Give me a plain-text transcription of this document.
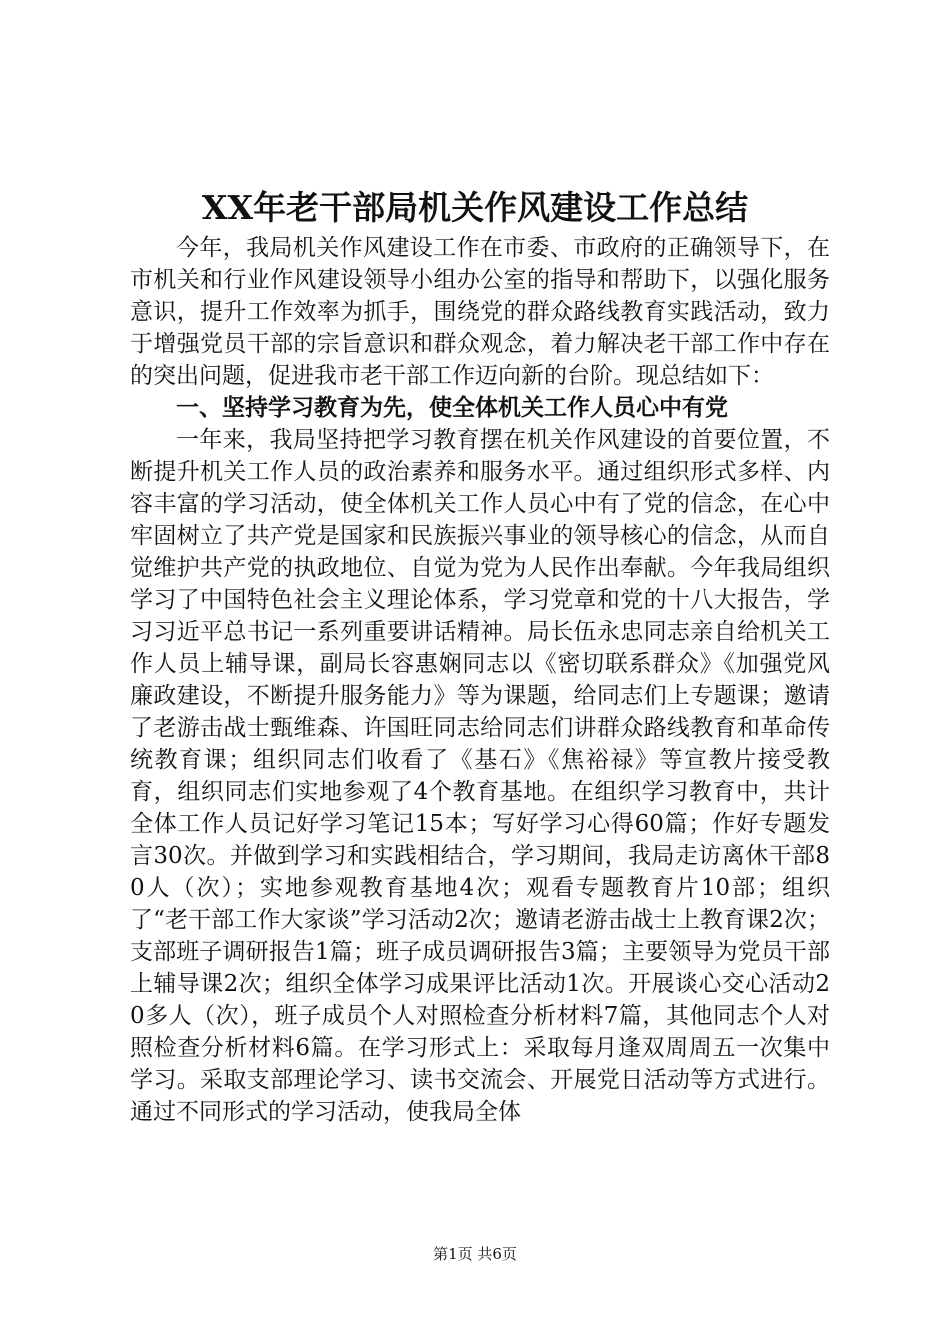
XX年老干部局机关作风建设工作总结

今年，我局机关作风建设工作在市委、市政府的正确领导下，在市机关和行业作风建设领导小组办公室的指导和帮助下，以强化服务意识，提升工作效率为抓手，围绕党的群众路线教育实践活动，致力于增强党员干部的宗旨意识和群众观念，着力解决老干部工作中存在的突出问题，促进我市老干部工作迈向新的台阶。现总结如下：

一、坚持学习教育为先，使全体机关工作人员心中有党

一年来，我局坚持把学习教育摆在机关作风建设的首要位置，不断提升机关工作人员的政治素养和服务水平。通过组织形式多样、内容丰富的学习活动，使全体机关工作人员心中有了党的信念，在心中牢固树立了共产党是国家和民族振兴事业的领导核心的信念，从而自觉维护共产党的执政地位、自觉为党为人民作出奉献。今年我局组织学习了中国特色社会主义理论体系，学习党章和党的十八大报告，学习习近平总书记一系列重要讲话精神。局长伍永忠同志亲自给机关工作人员上辅导课，副局长容惠娴同志以《密切联系群众》《加强党风廉政建设，不断提升服务能力》等为课题，给同志们上专题课；邀请了老游击战士甄维森、许国旺同志给同志们讲群众路线教育和革命传统教育课；组织同志们收看了《基石》《焦裕禄》等宣教片接受教育，组织同志们实地参观了4个教育基地。在组织学习教育中，共计全体工作人员记好学习笔记15本；写好学习心得60篇；作好专题发言30次。并做到学习和实践相结合，学习期间，我局走访离休干部80人（次）；实地参观教育基地4次；观看专题教育片10部；组织了“老干部工作大家谈”学习活动2次；邀请老游击战士上教育课2次；支部班子调研报告1篇；班子成员调研报告3篇；主要领导为党员干部上辅导课2次；组织全体学习成果评比活动1次。开展谈心交心活动20多人（次），班子成员个人对照检查分析材料7篇，其他同志个人对照检查分析材料6篇。在学习形式上：采取每月逢双周周五一次集中学习。采取支部理论学习、读书交流会、开展党日活动等方式进行。通过不同形式的学习活动，使我局全体

第1页 共6页
